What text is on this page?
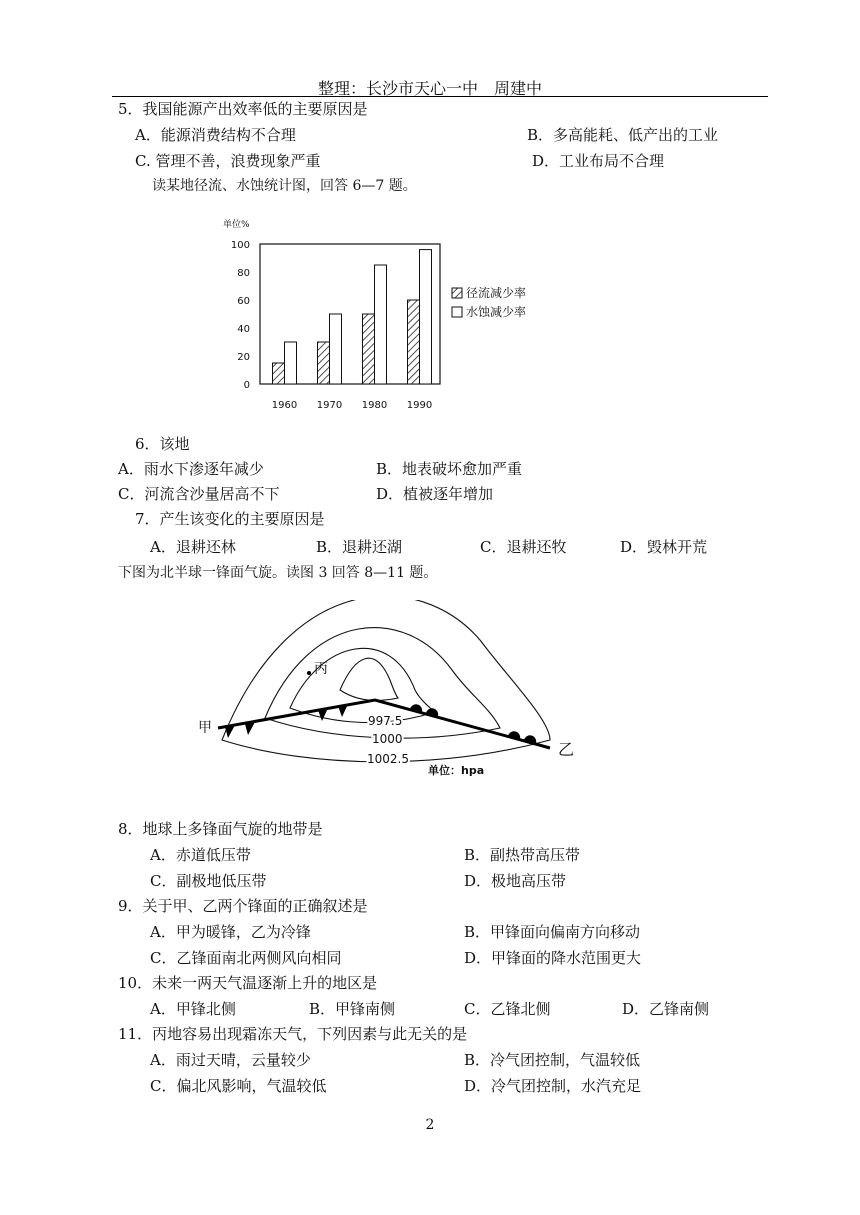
整理：长沙市天心一中　周建中
5．我国能源产出效率低的主要原因是
A．能源消费结构不合理	B．多高能耗、低产出的工业
C. 管理不善，浪费现象严重	D．工业布局不合理
读某地径流、水蚀统计图，回答 6—7 题。
单位%
0
20
40
60
80
100
1960 1970 1980 1990
径流减少率
水蚀减少率
6．该地
A．雨水下渗逐年减少	B．地表破坏愈加严重
C．河流含沙量居高不下	D．植被逐年增加
7．产生该变化的主要原因是
A．退耕还林	B．退耕还湖	C．退耕还牧	D．毁林开荒
下图为北半球一锋面气旋。读图 3 回答 8—11 题。
丙
甲
乙
997.5
1000
1002.5
单位：hpa
8．地球上多锋面气旋的地带是
A．赤道低压带	B．副热带高压带
C．副极地低压带	D．极地高压带
9．关于甲、乙两个锋面的正确叙述是
A．甲为暖锋，乙为冷锋	B．甲锋面向偏南方向移动
C．乙锋面南北两侧风向相同	D．甲锋面的降水范围更大
10．未来一两天气温逐渐上升的地区是
A．甲锋北侧	B．甲锋南侧	C．乙锋北侧	D．乙锋南侧
11．丙地容易出现霜冻天气，下列因素与此无关的是
A．雨过天晴，云量较少	B．冷气团控制，气温较低
C．偏北风影响，气温较低	D．冷气团控制，水汽充足
2
